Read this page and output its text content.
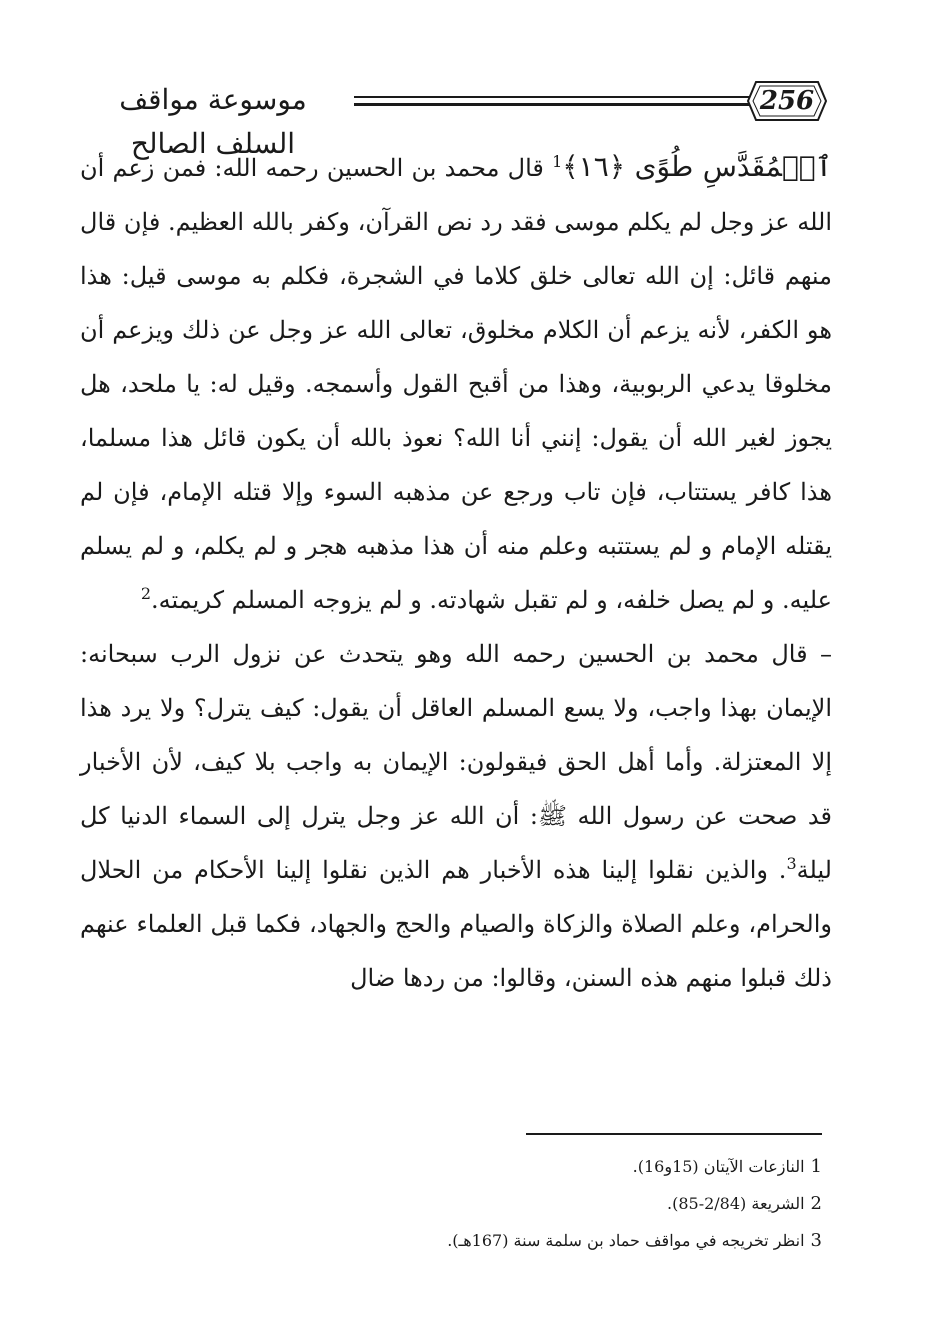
موسوعة مواقف السلف الصالح
256

ٱلۡمُقَدَّسِ طُوًى ﴿١٦﴾$^1$ قال محمد بن الحسين رحمه الله: فمن زعم أن الله عز وجل لم يكلم موسى فقد رد نص القرآن، وكفر بالله العظيم. فإن قال منهم قائل: إن الله تعالى خلق كلاما في الشجرة، فكلم به موسى قيل: هذا هو الكفر، لأنه يزعم أن الكلام مخلوق، تعالى الله عز وجل عن ذلك ويزعم أن مخلوقا يدعي الربوبية، وهذا من أقبح القول وأسمجه. وقيل له: يا ملحد، هل يجوز لغير الله أن يقول: إنني أنا الله؟ نعوذ بالله أن يكون قائل هذا مسلما، هذا كافر يستتاب، فإن تاب ورجع عن مذهبه السوء وإلا قتله الإمام، فإن لم يقتله الإمام و لم يستتبه وعلم منه أن هذا مذهبه هجر و لم يكلم، و لم يسلم عليه. و لم يصل خلفه، و لم تقبل شهادته. و لم يزوجه المسلم كريمته.$^2$

– قال محمد بن الحسين رحمه الله وهو يتحدث عن نزول الرب سبحانه: الإيمان بهذا واجب، ولا يسع المسلم العاقل أن يقول: كيف يترل؟ ولا يرد هذا إلا المعتزلة. وأما أهل الحق فيقولون: الإيمان به واجب بلا كيف، لأن الأخبار قد صحت عن رسول الله ﷺ: أن الله عز وجل يترل إلى السماء الدنيا كل ليلة$^3$. والذين نقلوا إلينا هذه الأخبار هم الذين نقلوا إلينا الأحكام من الحلال والحرام، وعلم الصلاة والزكاة والصيام والحج والجهاد، فكما قبل العلماء عنهم ذلك قبلوا منهم هذه السنن، وقالوا: من ردها ضال

1النازعات الآيتان (15و16).

2الشريعة (2/84-85).

3انظر تخريجه في مواقف حماد بن سلمة سنة (167هـ).
